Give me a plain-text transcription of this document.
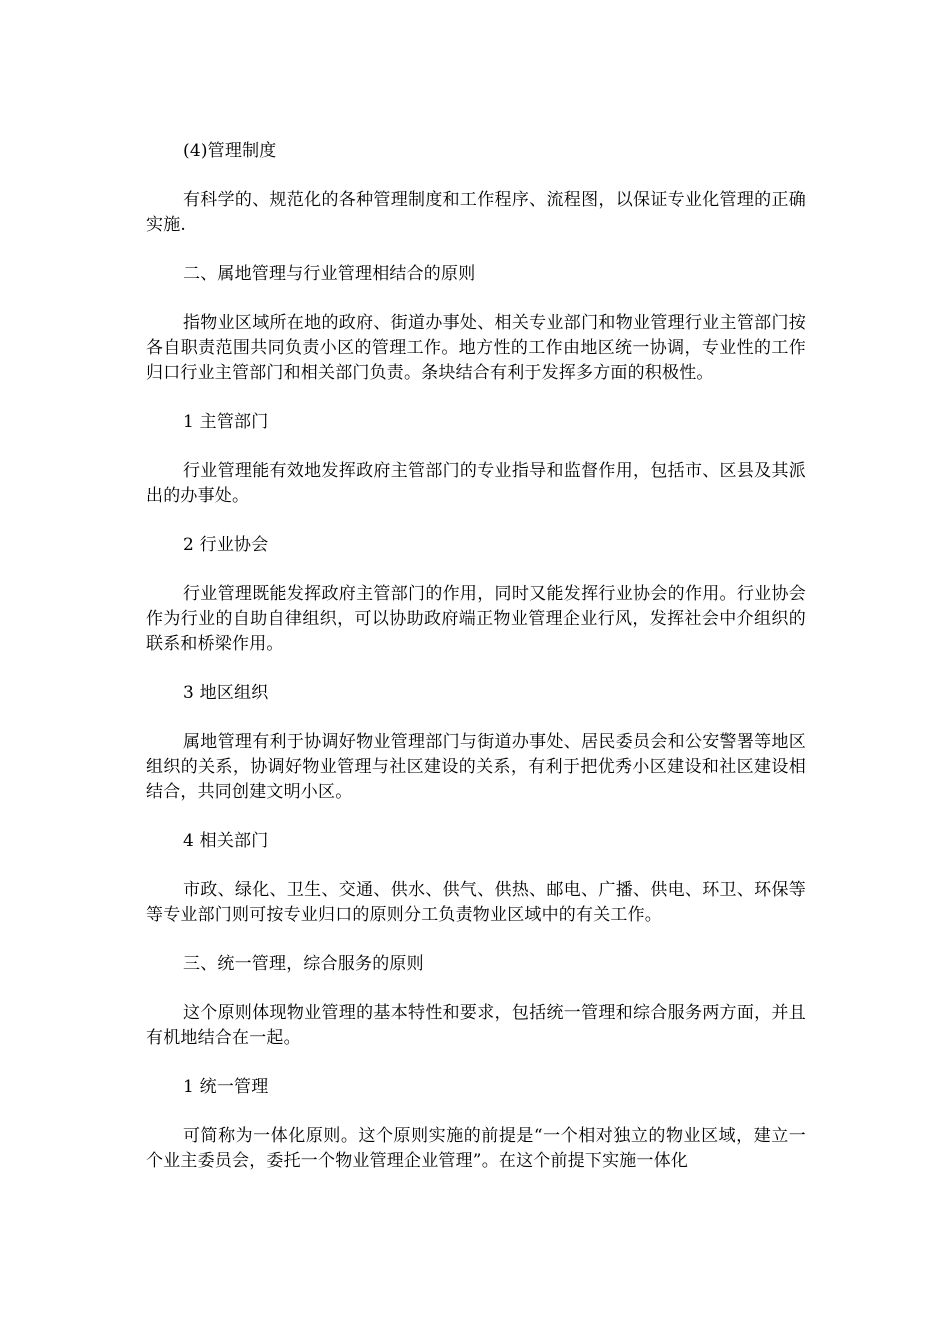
(4)管理制度

有科学的、规范化的各种管理制度和工作程序、流程图，以保证专业化管理的正确实施.

二、属地管理与行业管理相结合的原则

指物业区域所在地的政府、街道办事处、相关专业部门和物业管理行业主管部门按各自职责范围共同负责小区的管理工作。地方性的工作由地区统一协调，专业性的工作归口行业主管部门和相关部门负责。条块结合有利于发挥多方面的积极性。

1 主管部门

行业管理能有效地发挥政府主管部门的专业指导和监督作用，包括市、区县及其派出的办事处。

2 行业协会

行业管理既能发挥政府主管部门的作用，同时又能发挥行业协会的作用。行业协会作为行业的自助自律组织，可以协助政府端正物业管理企业行风，发挥社会中介组织的联系和桥梁作用。

3 地区组织

属地管理有利于协调好物业管理部门与街道办事处、居民委员会和公安警署等地区组织的关系，协调好物业管理与社区建设的关系，有利于把优秀小区建设和社区建设相结合，共同创建文明小区。

4 相关部门

市政、绿化、卫生、交通、供水、供气、供热、邮电、广播、供电、环卫、环保等等专业部门则可按专业归口的原则分工负责物业区域中的有关工作。

三、统一管理，综合服务的原则

这个原则体现物业管理的基本特性和要求，包括统一管理和综合服务两方面，并且有机地结合在一起。

1 统一管理

可简称为一体化原则。这个原则实施的前提是“一个相对独立的物业区域，建立一个业主委员会，委托一个物业管理企业管理”。在这个前提下实施一体化
